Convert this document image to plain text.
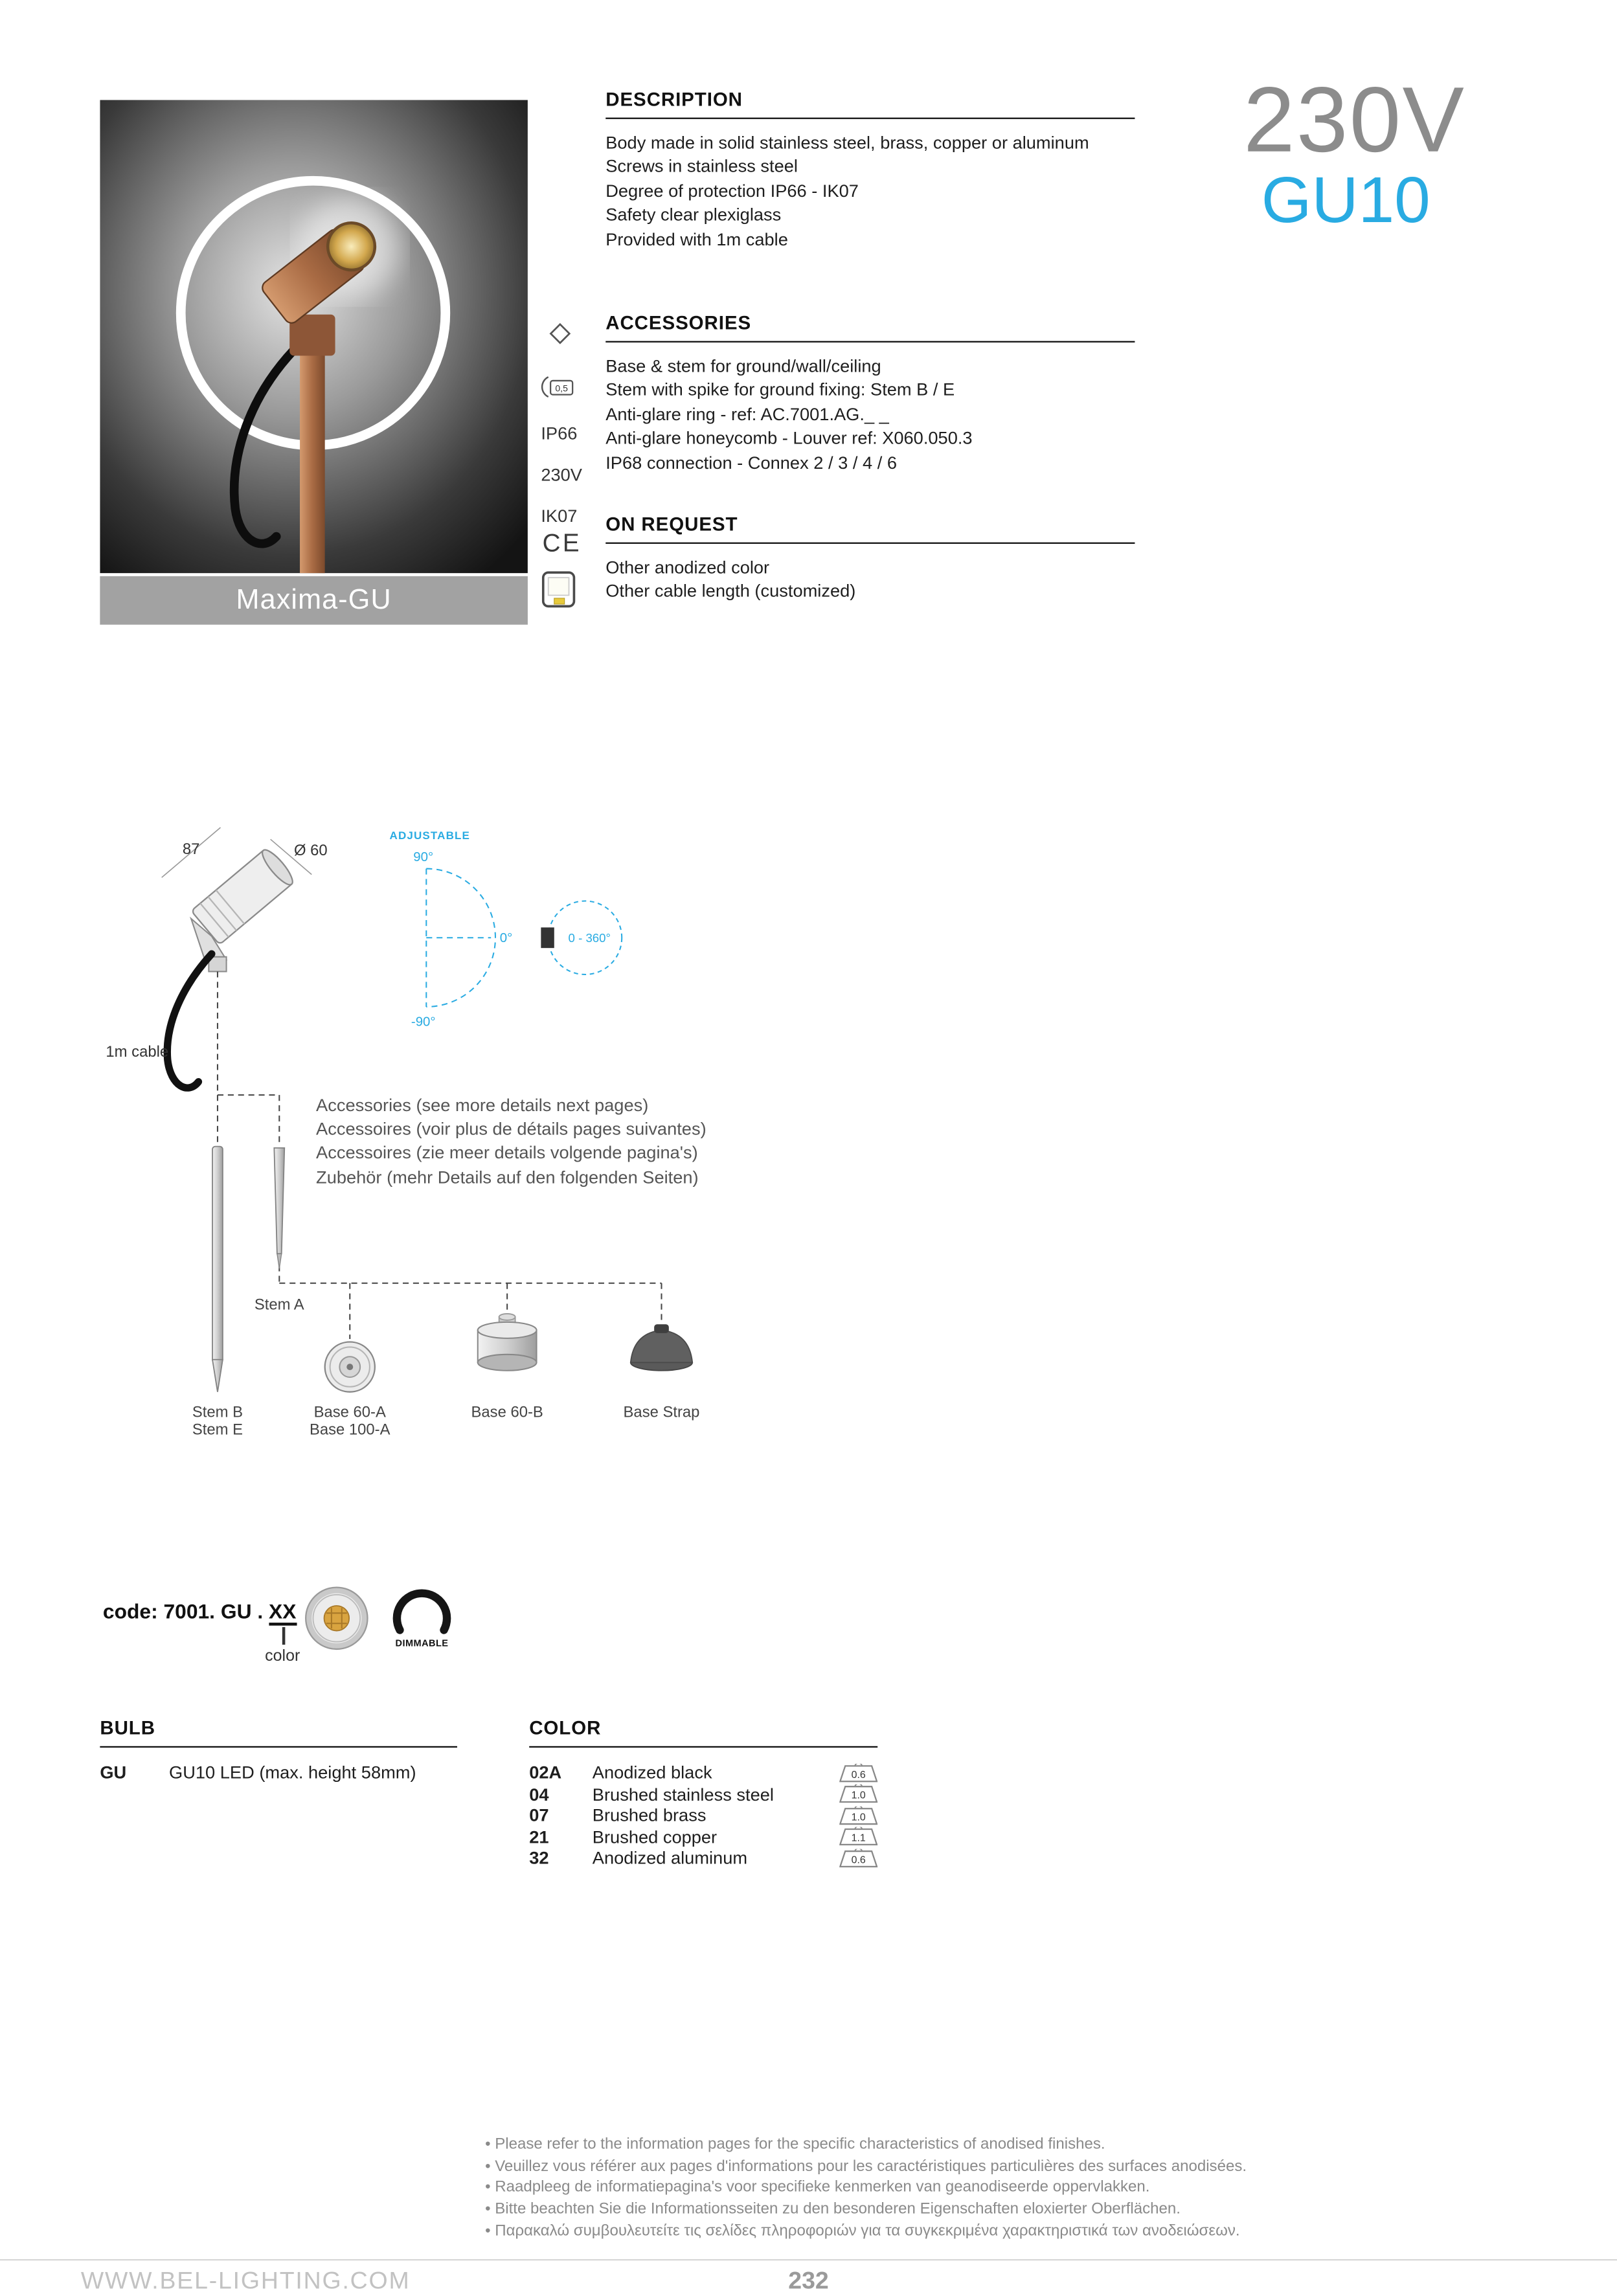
Maxima-GU
0,5
IP66
230V
IK07
CE
230V
GU10
DESCRIPTION

Body made in solid stainless steel, brass, copper or aluminum

Screws in stainless steel

Degree of protection IP66 - IK07

Safety clear plexiglass

Provided with 1m cable

ACCESSORIES

Base & stem for ground/wall/ceiling

Stem with spike for ground fixing: Stem B / E

Anti-glare ring - ref: AC.7001.AG._ _

Anti-glare honeycomb - Louver ref: X060.050.3

IP68 connection - Connex 2 / 3 / 4 / 6

ON REQUEST

Other anodized color

Other cable length (customized)

87	Ø 60
ADJUSTABLE
90°
0°
-90°
0 - 360°
1m cable
Stem A
Stem B
Stem E
Base 60-A
Base 100-A
Base 60-B	Base Strap

Accessories (see more details next pages)

Accessoires (voir plus de détails pages suivantes)

Accessoires (zie meer details volgende pagina's)

Zubehör (mehr Details auf den folgenden Seiten)

code: 7001. GU . XX
color
DIMMABLE
BULB
GU	GU10 LED (max. height 58mm)
COLOR
02A	Anodized black	0.6
04	Brushed stainless steel	1.0
07	Brushed brass	1.0
21	Brushed copper	1.1
32	Anodized aluminum	0.6

• Please refer to the information pages for the specific characteristics of anodised finishes.

• Veuillez vous référer aux pages d'informations pour les caractéristiques particulières des surfaces anodisées.

• Raadpleeg de informatiepagina's voor specifieke kenmerken van geanodiseerde oppervlakken.

• Bitte beachten Sie die Informationsseiten zu den besonderen Eigenschaften eloxierter Oberflächen.

• Παρακαλώ συμβουλευτείτε τις σελίδες πληροφοριών για τα συγκεκριμένα χαρακτηριστικά των ανοδειώσεων.

WWW.BEL-LIGHTING.COM	232
